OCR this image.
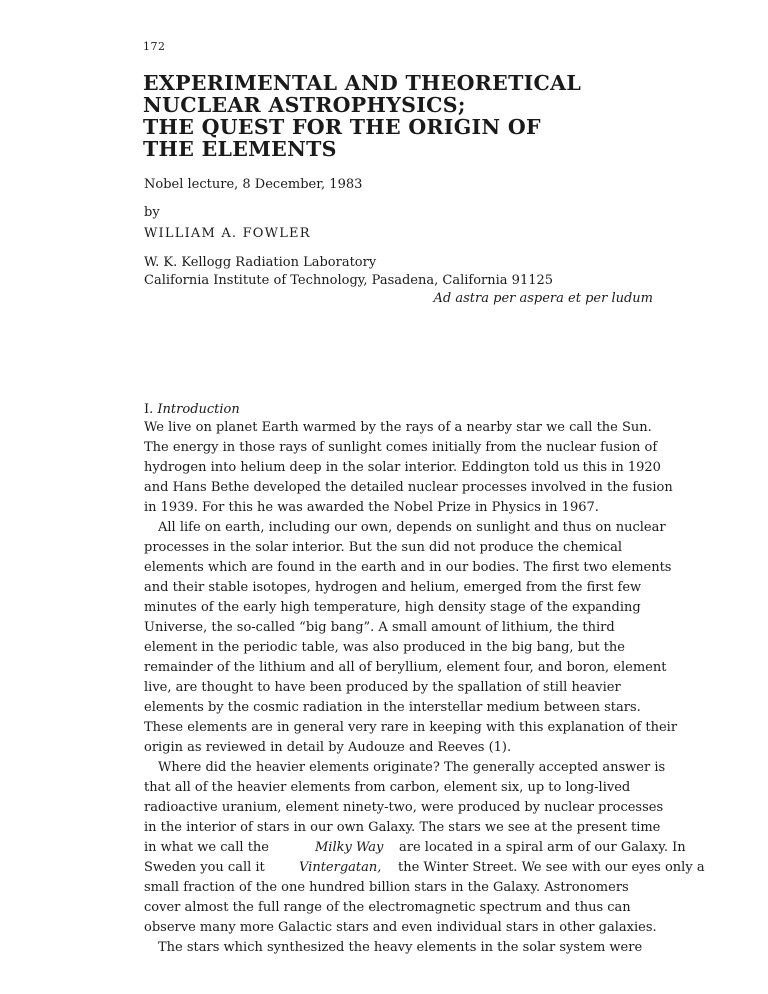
172
EXPERIMENTAL AND THEORETICAL
NUCLEAR ASTROPHYSICS;
THE QUEST FOR THE ORIGIN OF
THE ELEMENTS
Nobel lecture, 8 December, 1983
by
WILLIAM A. FOWLER
W. K. Kellogg Radiation Laboratory
California Institute of Technology, Pasadena, California 91125
Ad astra per aspera et per ludum
I. Introduction
We live on planet Earth warmed by the rays of a nearby star we call the Sun.
The energy in those rays of sunlight comes initially from the nuclear fusion of
hydrogen into helium deep in the solar interior. Eddington told us this in 1920
and Hans Bethe developed the detailed nuclear processes involved in the fusion
in 1939. For this he was awarded the Nobel Prize in Physics in 1967.
All life on earth, including our own, depends on sunlight and thus on nuclear
processes in the solar interior. But the sun did not produce the chemical
elements which are found in the earth and in our bodies. The first two elements
and their stable isotopes, hydrogen and helium, emerged from the first few
minutes of the early high temperature, high density stage of the expanding
Universe, the so-called “big bang”. A small amount of lithium, the third
element in the periodic table, was also produced in the big bang, but the
remainder of the lithium and all of beryllium, element four, and boron, element
live, are thought to have been produced by the spallation of still heavier
elements by the cosmic radiation in the interstellar medium between stars.
These elements are in general very rare in keeping with this explanation of their
origin as reviewed in detail by Audouze and Reeves (1).
Where did the heavier elements originate? The generally accepted answer is
that all of the heavier elements from carbon, element six, up to long-lived
radioactive uranium, element ninety-two, were produced by nuclear processes
in the interior of stars in our own Galaxy. The stars we see at the present time
in what we call the	Milky Way are located in a spiral arm of our Galaxy. In
Sweden you call it	Vintergatan, the Winter Street. We see with our eyes only a
small fraction of the one hundred billion stars in the Galaxy. Astronomers
cover almost the full range of the electromagnetic spectrum and thus can
observe many more Galactic stars and even individual stars in other galaxies.
The stars which synthesized the heavy elements in the solar system were
